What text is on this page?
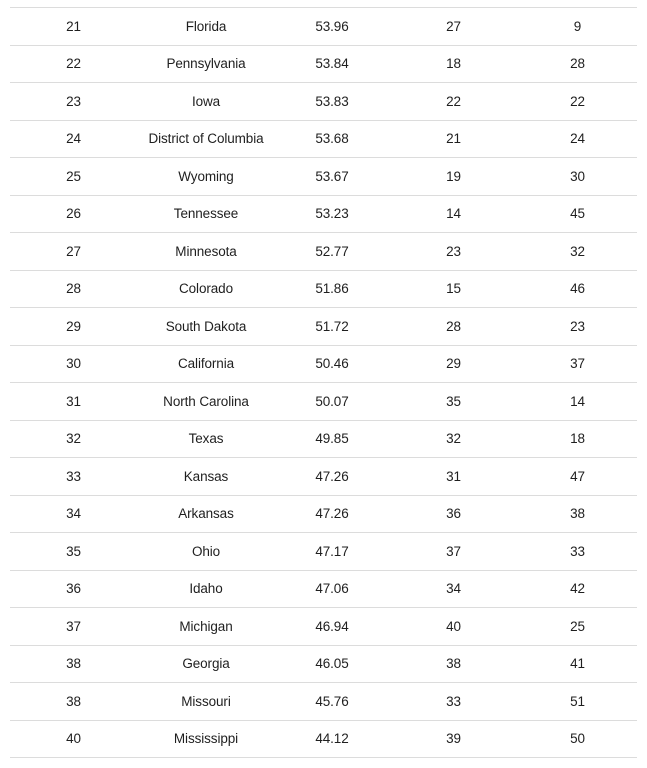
21	Florida	53.96	27	9
22	Pennsylvania	53.84	18	28
23	Iowa	53.83	22	22
24	District of Columbia	53.68	21	24
25	Wyoming	53.67	19	30
26	Tennessee	53.23	14	45
27	Minnesota	52.77	23	32
28	Colorado	51.86	15	46
29	South Dakota	51.72	28	23
30	California	50.46	29	37
31	North Carolina	50.07	35	14
32	Texas	49.85	32	18
33	Kansas	47.26	31	47
34	Arkansas	47.26	36	38
35	Ohio	47.17	37	33
36	Idaho	47.06	34	42
37	Michigan	46.94	40	25
38	Georgia	46.05	38	41
38	Missouri	45.76	33	51
40	Mississippi	44.12	39	50
